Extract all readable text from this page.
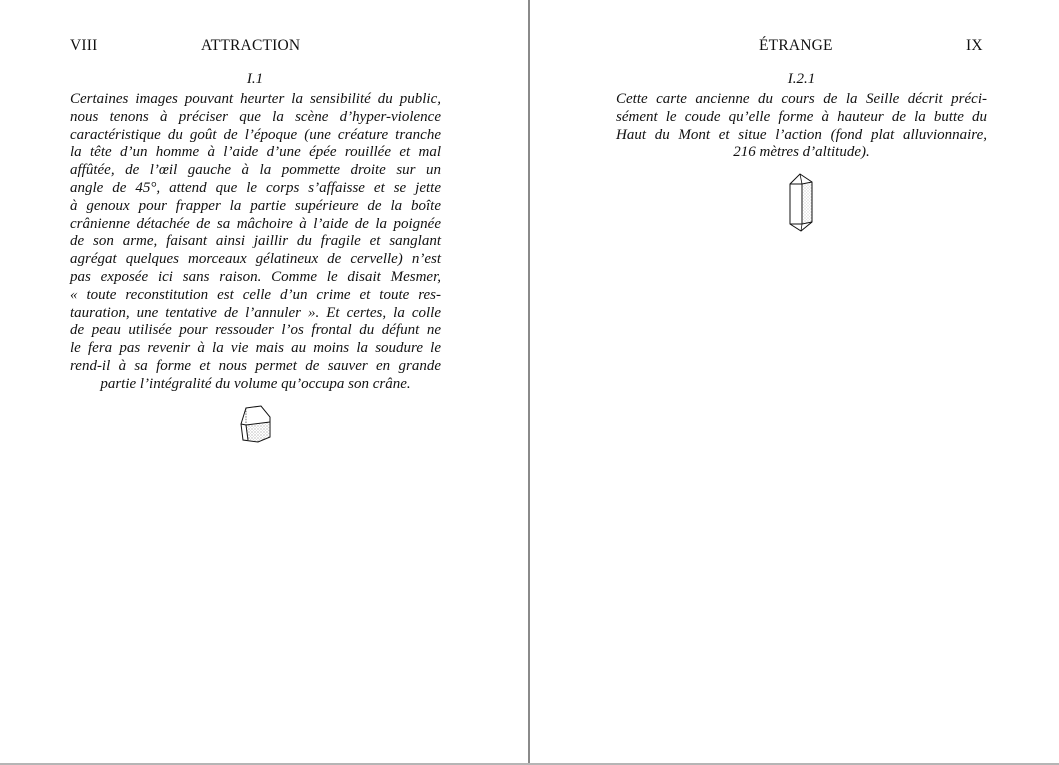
VIII	ATTRACTION
I.1
Certaines images pouvant heurter la sensibilité du public,
nous tenons à préciser que la scène d’hyper-violence
caractéristique du goût de l’époque (une créature tranche
la tête d’un homme à l’aide d’une épée rouillée et mal
affûtée, de l’œil gauche à la pommette droite sur un
angle de 45°, attend que le corps s’affaisse et se jette
à genoux pour frapper la partie supérieure de la boîte
crânienne détachée de sa mâchoire à l’aide de la poignée
de son arme, faisant ainsi jaillir du fragile et sanglant
agrégat quelques morceaux gélatineux de cervelle) n’est
pas exposée ici sans raison. Comme le disait Mesmer,
« toute reconstitution est celle d’un crime et toute res-
tauration, une tentative de l’annuler ». Et certes, la colle
de peau utilisée pour ressouder l’os frontal du défunt ne
le fera pas revenir à la vie mais au moins la soudure le
rend-il à sa forme et nous permet de sauver en grande
partie l’intégralité du volume qu’occupa son crâne.
ÉTRANGE	IX
I.2.1
Cette carte ancienne du cours de la Seille décrit préci-
sément le coude qu’elle forme à hauteur de la butte du
Haut du Mont et situe l’action (fond plat alluvionnaire,
216 mètres d’altitude).
